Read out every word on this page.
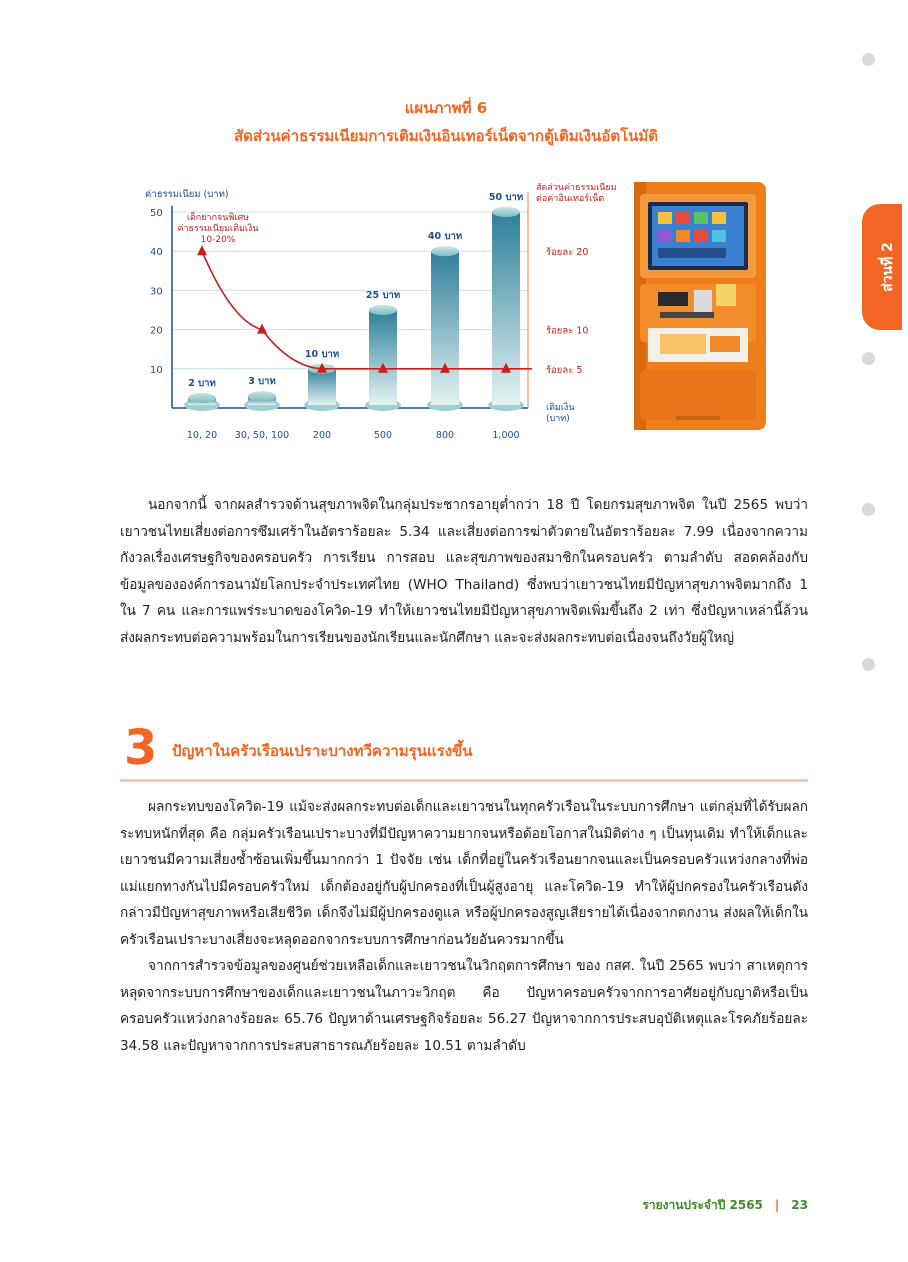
ส่วนที่ 2
แผนภาพที่ 6
สัดส่วนค่าธรรมเนียมการเติมเงินอินเทอร์เน็ตจากตู้เติมเงินอัตโนมัติ
ค่าธรรมเนียม (บาท)
50
40
30
20
10
2 บาท
10, 20
3 บาท
30, 50, 100
10 บาท
200
25 บาท
500
40 บาท
800
50 บาท
1,000
เด็กยากจนพิเศษ
ค่าธรรมเนียมเติมเงิน
10-20%
สัดส่วนค่าธรรมเนียม
ต่อค่าอินเทอร์เน็ต
ร้อยละ 20
ร้อยละ 10
ร้อยละ 5
เติมเงิน
(บาท)

นอกจากนี้ จากผลสำรวจด้านสุขภาพจิตในกลุ่มประชากรอายุต่ำกว่า 18 ปี โดยกรมสุขภาพจิต ในปี 2565 พบว่า เยาวชนไทยเสี่ยงต่อการซึมเศร้าในอัตราร้อยละ 5.34 และเสี่ยงต่อการฆ่าตัวตายในอัตราร้อยละ 7.99 เนื่องจากความกังวลเรื่องเศรษฐกิจของครอบครัว การเรียน การสอบ และสุขภาพของสมาชิกในครอบครัว ตามลำดับ สอดคล้องกับข้อมูลขององค์การอนามัยโลกประจำประเทศไทย (WHO Thailand) ซึ่งพบว่าเยาวชนไทยมีปัญหาสุขภาพจิตมากถึง 1 ใน 7 คน และการแพร่ระบาดของโควิด-19 ทำให้เยาวชนไทยมีปัญหาสุขภาพจิตเพิ่มขึ้นถึง 2 เท่า ซึ่งปัญหาเหล่านี้ล้วนส่งผลกระทบต่อความพร้อมในการเรียนของนักเรียนและนักศึกษา และจะส่งผลกระทบต่อเนื่องจนถึงวัยผู้ใหญ่

3 ปัญหาในครัวเรือนเปราะบางทวีความรุนแรงขึ้น

ผลกระทบของโควิด-19 แม้จะส่งผลกระทบต่อเด็กและเยาวชนในทุกครัวเรือนในระบบการศึกษา แต่กลุ่มที่ได้รับผลกระทบหนักที่สุด คือ กลุ่มครัวเรือนเปราะบางที่มีปัญหาความยากจนหรือด้อยโอกาสในมิติต่าง ๆ เป็นทุนเดิม ทำให้เด็กและเยาวชนมีความเสี่ยงซ้ำซ้อนเพิ่มขึ้นมากกว่า 1 ปัจจัย เช่น เด็กที่อยู่ในครัวเรือนยากจนและเป็นครอบครัวแหว่งกลางที่พ่อแม่แยกทางกันไปมีครอบครัวใหม่ เด็กต้องอยู่กับผู้ปกครองที่เป็นผู้สูงอายุ และโควิด-19 ทำให้ผู้ปกครองในครัวเรือนดังกล่าวมีปัญหาสุขภาพหรือเสียชีวิต เด็กจึงไม่มีผู้ปกครองดูแล หรือผู้ปกครองสูญเสียรายได้เนื่องจากตกงาน ส่งผลให้เด็กในครัวเรือนเปราะบางเสี่ยงจะหลุดออกจากระบบการศึกษาก่อนวัยอันควรมากขึ้น

จากการสำรวจข้อมูลของศูนย์ช่วยเหลือเด็กและเยาวชนในวิกฤตการศึกษา ของ กสศ. ในปี 2565 พบว่า สาเหตุการหลุดจากระบบการศึกษาของเด็กและเยาวชนในภาวะวิกฤต คือ ปัญหาครอบครัวจากการอาศัยอยู่กับญาติหรือเป็นครอบครัวแหว่งกลางร้อยละ 65.76 ปัญหาด้านเศรษฐกิจร้อยละ 56.27 ปัญหาจากการประสบอุบัติเหตุและโรคภัยร้อยละ 34.58 และปัญหาจากการประสบสาธารณภัยร้อยละ 10.51 ตามลำดับ

รายงานประจำปี 2565 | 23
